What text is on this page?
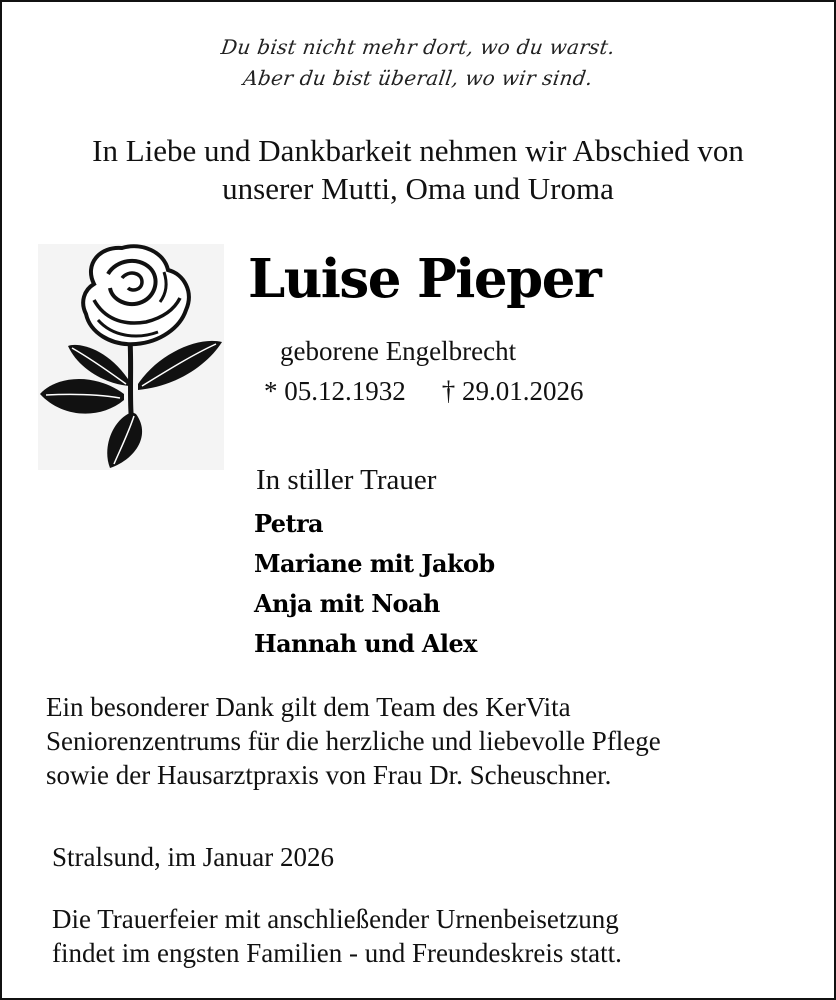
Du bist nicht mehr dort, wo du warst.
Aber du bist überall, wo wir sind.
In Liebe und Dankbarkeit nehmen wir Abschied von
unserer Mutti, Oma und Uroma
Luise Pieper
geborene Engelbrecht
* 05.12.1932 † 29.01.2026
In stiller Trauer
Petra
Mariane mit Jakob
Anja mit Noah
Hannah und Alex
Ein besonderer Dank gilt dem Team des KerVita
Seniorenzentrums für die herzliche und liebevolle Pflege
sowie der Hausarztpraxis von Frau Dr. Scheuschner.
Stralsund, im Januar 2026
Die Trauerfeier mit anschließender Urnenbeisetzung
findet im engsten Familien - und Freundeskreis statt.
